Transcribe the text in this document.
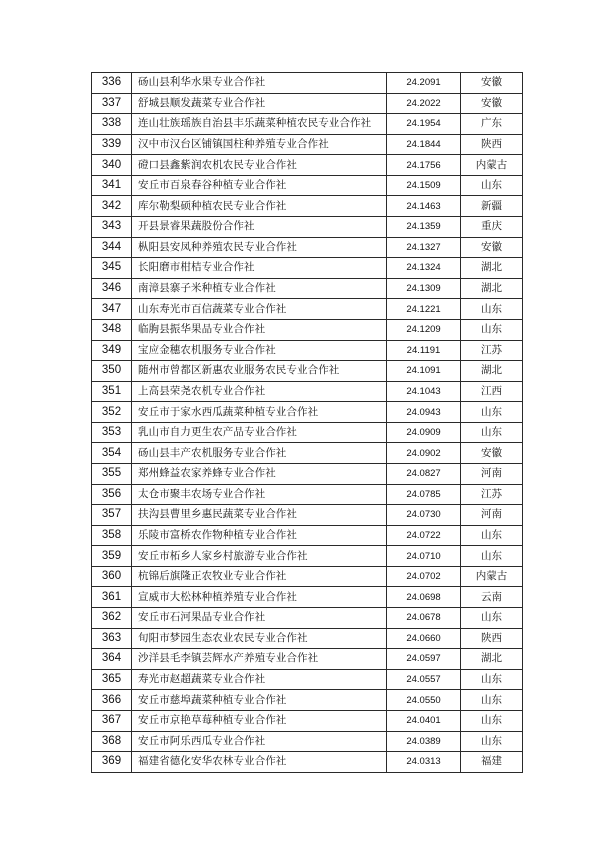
336	砀山县利华水果专业合作社	24.2091	安徽
337	舒城县顺发蔬菜专业合作社	24.2022	安徽
338	连山壮族瑶族自治县丰乐蔬菜种植农民专业合作社	24.1954	广东
339	汉中市汉台区铺镇国柱种养殖专业合作社	24.1844	陕西
340	磴口县鑫紫润农机农民专业合作社	24.1756	内蒙古
341	安丘市百泉春谷种植专业合作社	24.1509	山东
342	库尔勒梨硕种植农民专业合作社	24.1463	新疆
343	开县景睿果蔬股份合作社	24.1359	重庆
344	枞阳县安凤种养殖农民专业合作社	24.1327	安徽
345	长阳磨市柑桔专业合作社	24.1324	湖北
346	南漳县寨子米种植专业合作社	24.1309	湖北
347	山东寿光市百信蔬菜专业合作社	24.1221	山东
348	临朐县振华果品专业合作社	24.1209	山东
349	宝应金穗农机服务专业合作社	24.1191	江苏
350	随州市曾都区新惠农业服务农民专业合作社	24.1091	湖北
351	上高县荣尧农机专业合作社	24.1043	江西
352	安丘市于家水西瓜蔬菜种植专业合作社	24.0943	山东
353	乳山市自力更生农产品专业合作社	24.0909	山东
354	砀山县丰产农机服务专业合作社	24.0902	安徽
355	郑州蜂益农家养蜂专业合作社	24.0827	河南
356	太仓市聚丰农场专业合作社	24.0785	江苏
357	扶沟县曹里乡惠民蔬菜专业合作社	24.0730	河南
358	乐陵市富桥农作物种植专业合作社	24.0722	山东
359	安丘市柘乡人家乡村旅游专业合作社	24.0710	山东
360	杭锦后旗隆正农牧业专业合作社	24.0702	内蒙古
361	宣威市大松林种植养殖专业合作社	24.0698	云南
362	安丘市石河果品专业合作社	24.0678	山东
363	旬阳市梦园生态农业农民专业合作社	24.0660	陕西
364	沙洋县毛李镇芸辉水产养殖专业合作社	24.0597	湖北
365	寿光市赵超蔬菜专业合作社	24.0557	山东
366	安丘市慈埠蔬菜种植专业合作社	24.0550	山东
367	安丘市京艳草莓种植专业合作社	24.0401	山东
368	安丘市阿乐西瓜专业合作社	24.0389	山东
369	福建省德化安华农林专业合作社	24.0313	福建
